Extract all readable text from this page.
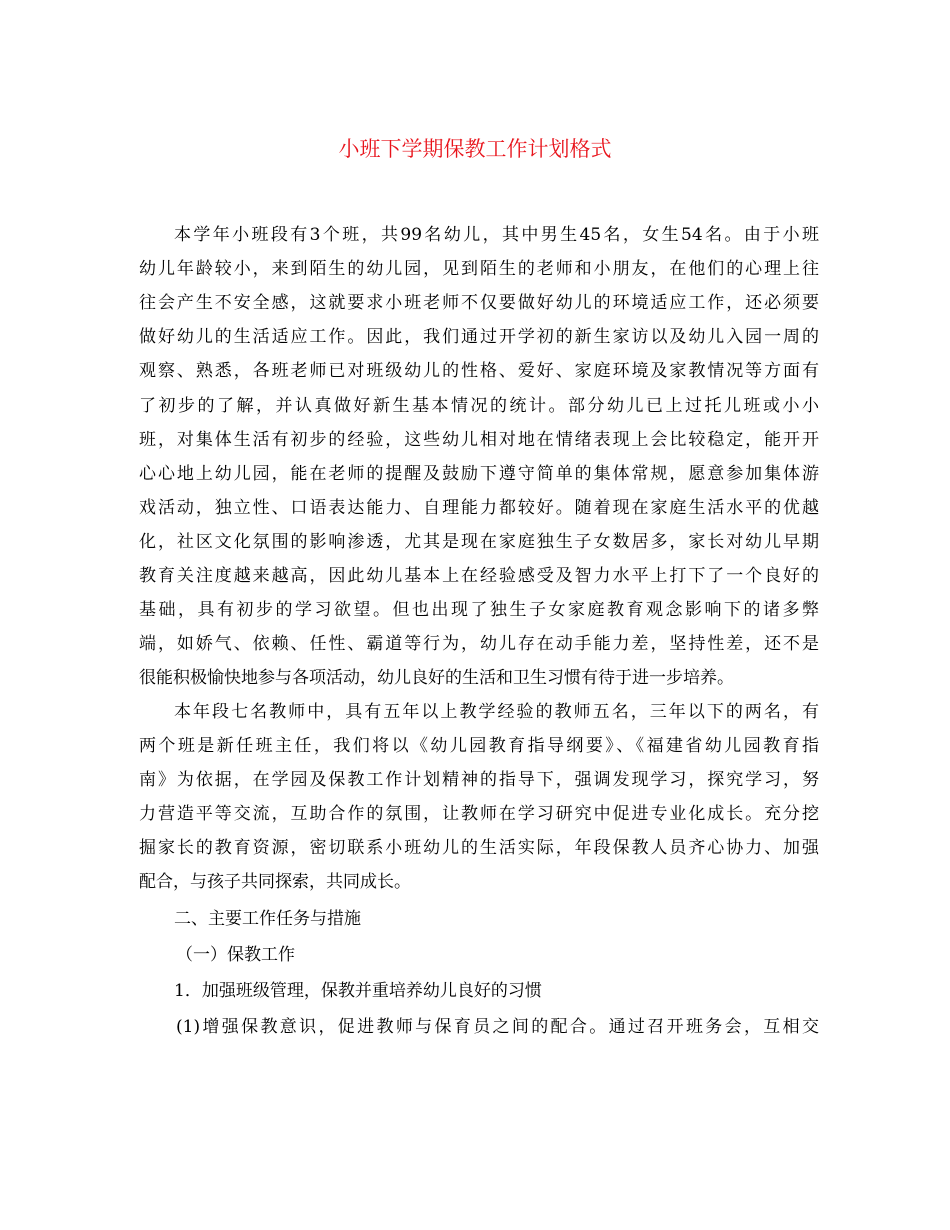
小班下学期保教工作计划格式
本学年小班段有3个班，共99名幼儿，其中男生45名，女生54名。由于小班
幼儿年龄较小，来到陌生的幼儿园，见到陌生的老师和小朋友，在他们的心理上往
往会产生不安全感，这就要求小班老师不仅要做好幼儿的环境适应工作，还必须要
做好幼儿的生活适应工作。因此，我们通过开学初的新生家访以及幼儿入园一周的
观察、熟悉，各班老师已对班级幼儿的性格、爱好、家庭环境及家教情况等方面有
了初步的了解，并认真做好新生基本情况的统计。部分幼儿已上过托儿班或小小
班，对集体生活有初步的经验，这些幼儿相对地在情绪表现上会比较稳定，能开开
心心地上幼儿园，能在老师的提醒及鼓励下遵守简单的集体常规，愿意参加集体游
戏活动，独立性、口语表达能力、自理能力都较好。随着现在家庭生活水平的优越
化，社区文化氛围的影响渗透，尤其是现在家庭独生子女数居多，家长对幼儿早期
教育关注度越来越高，因此幼儿基本上在经验感受及智力水平上打下了一个良好的
基础，具有初步的学习欲望。但也出现了独生子女家庭教育观念影响下的诸多弊
端，如娇气、依赖、任性、霸道等行为，幼儿存在动手能力差，坚持性差，还不是
很能积极愉快地参与各项活动，幼儿良好的生活和卫生习惯有待于进一步培养。
本年段七名教师中，具有五年以上教学经验的教师五名，三年以下的两名，有
两个班是新任班主任，我们将以《幼儿园教育指导纲要》、《福建省幼儿园教育指
南》为依据，在学园及保教工作计划精神的指导下，强调发现学习，探究学习，努
力营造平等交流，互助合作的氛围，让教师在学习研究中促进专业化成长。充分挖
掘家长的教育资源，密切联系小班幼儿的生活实际，年段保教人员齐心协力、加强
配合，与孩子共同探索，共同成长。
二、主要工作任务与措施
（一）保教工作
1．加强班级管理，保教并重培养幼儿良好的习惯
(1)增强保教意识，促进教师与保育员之间的配合。通过召开班务会，互相交
